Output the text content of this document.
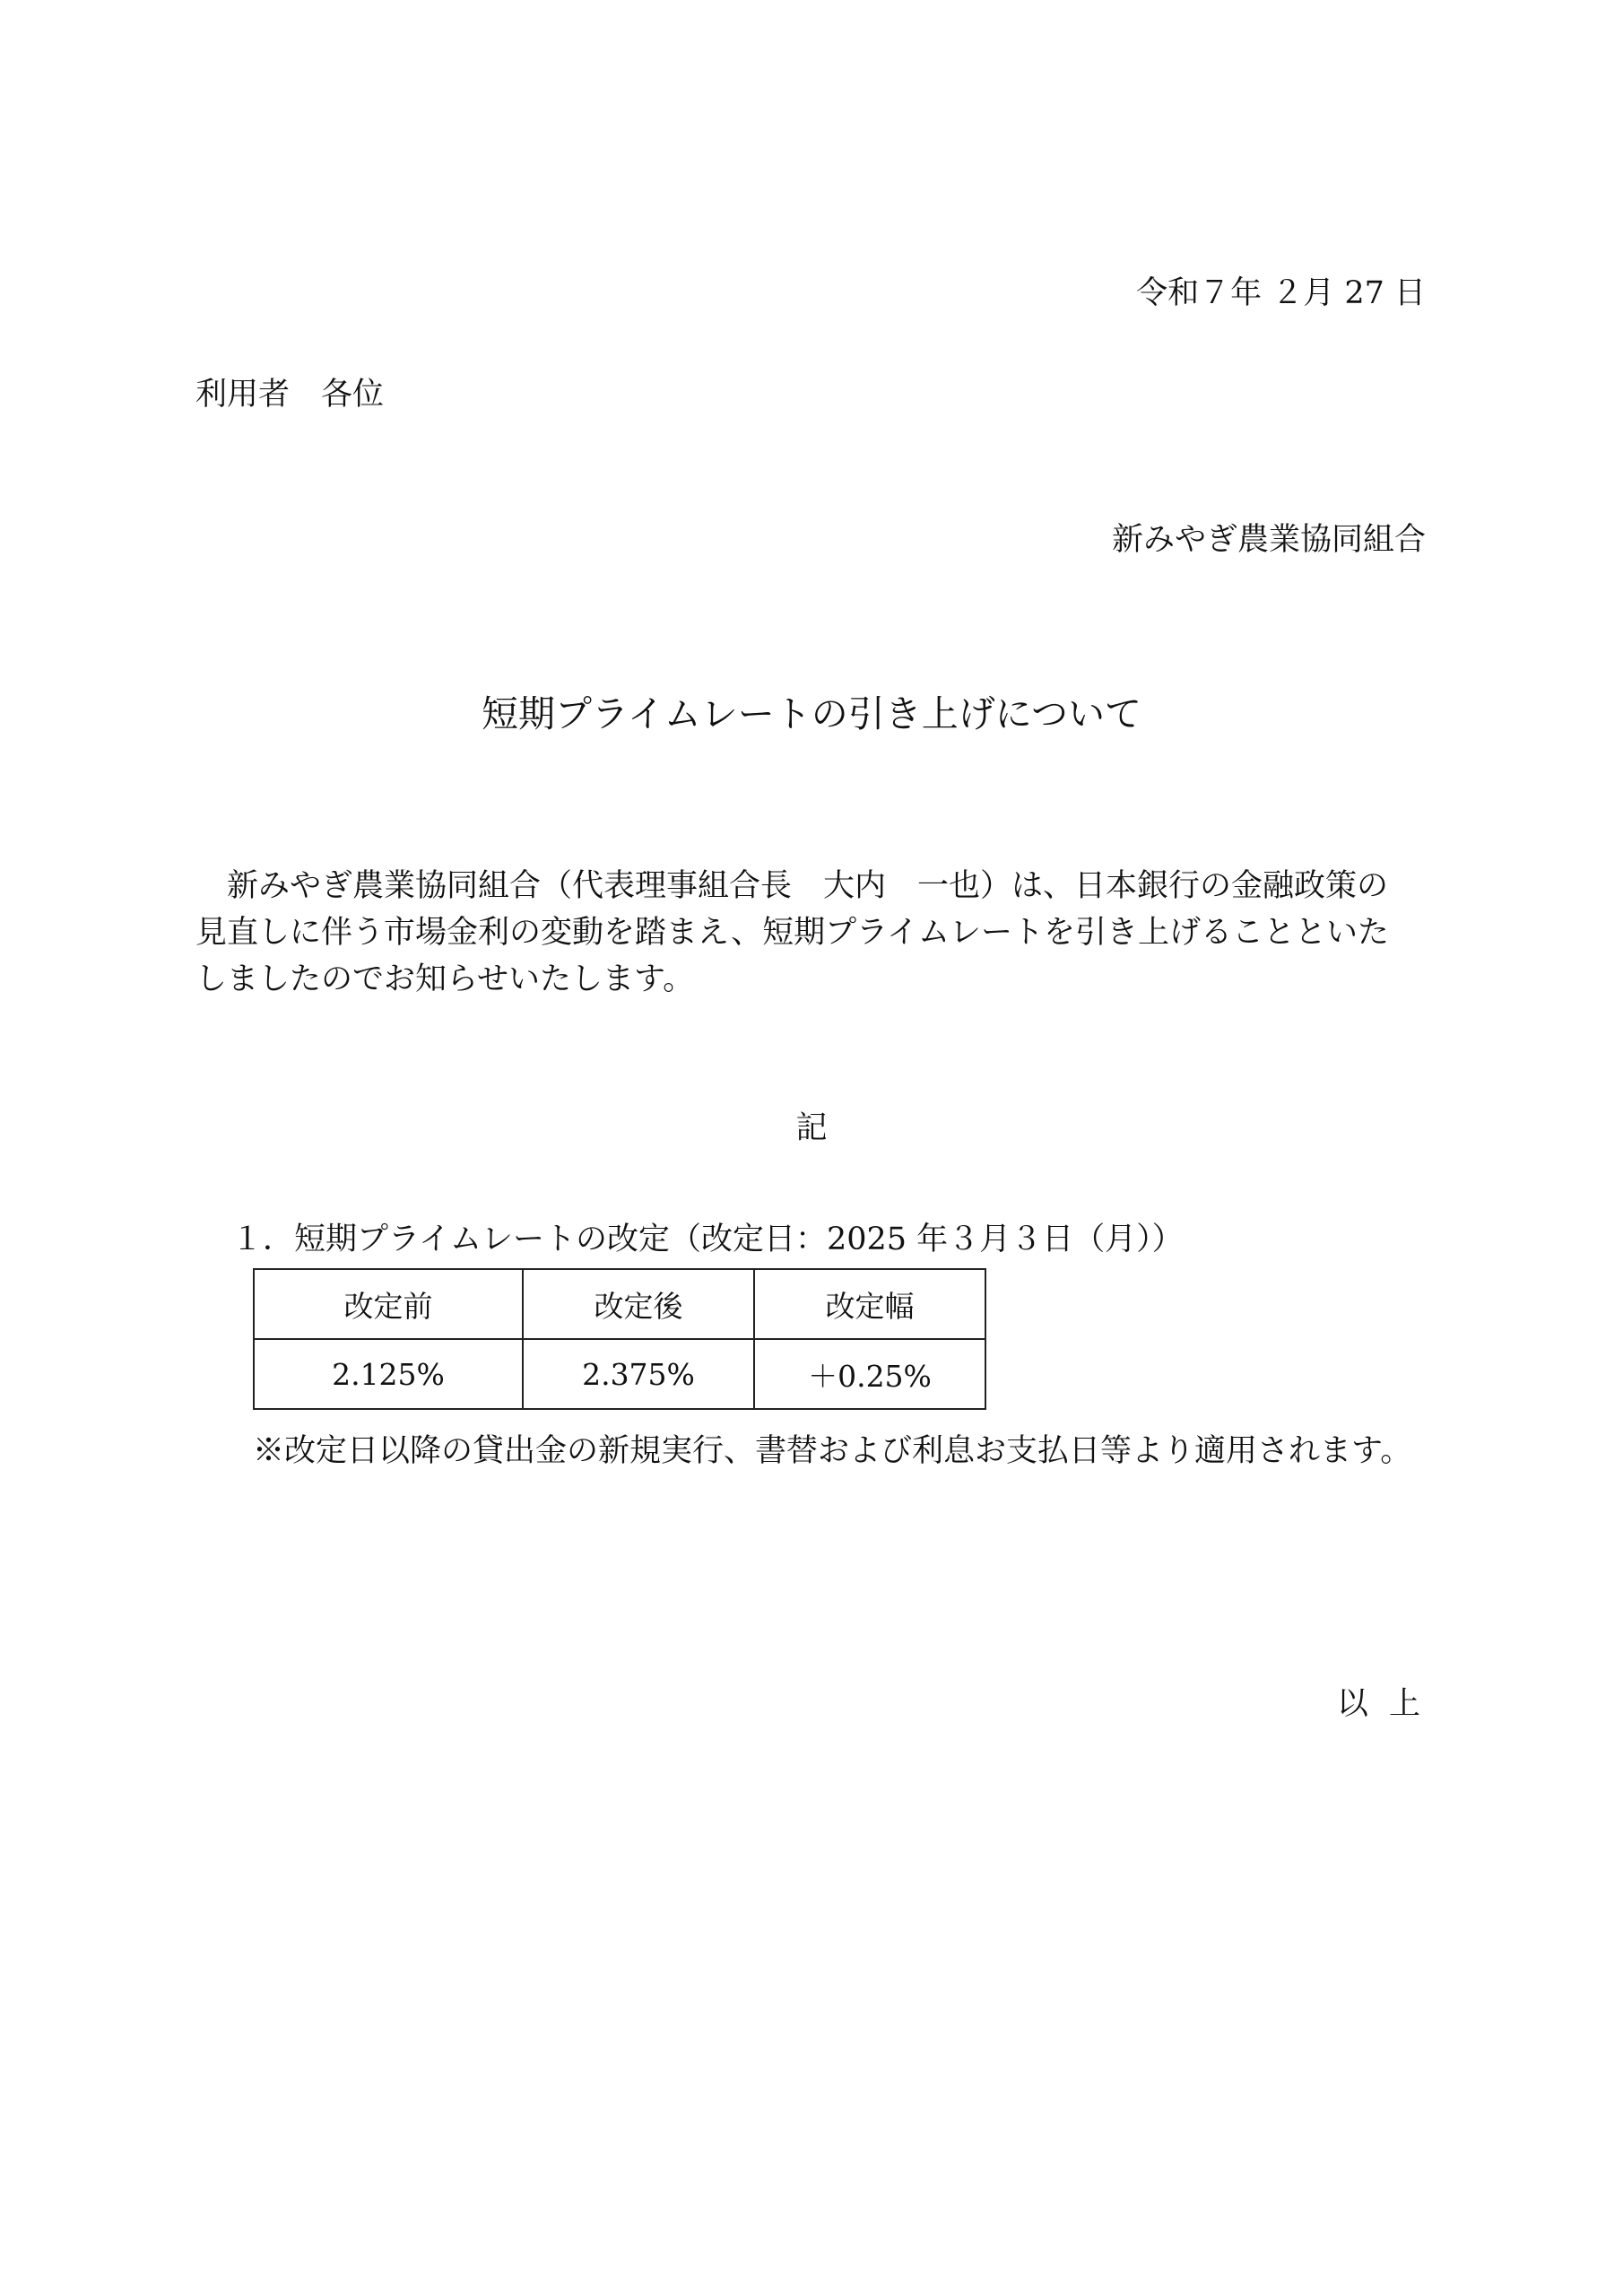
令和７年 ２月 27 日

利用者　各位

新みやぎ農業協同組合

短期プライムレートの引き上げについて
　新みやぎ農業協同組合（代表理事組合長　大内　一也）は、日本銀行の金融政策の
見直しに伴う市場金利の変動を踏まえ、短期プライムレートを引き上げることといた
しましたのでお知らせいたします。

記

１．短期プライムレートの改定（改定日：2025 年３月３日（月））

改定前	改定後	改定幅
2.125%	2.375%	＋0.25%

※改定日以降の貸出金の新規実行、書替および利息お支払日等より適用されます。

以 上
